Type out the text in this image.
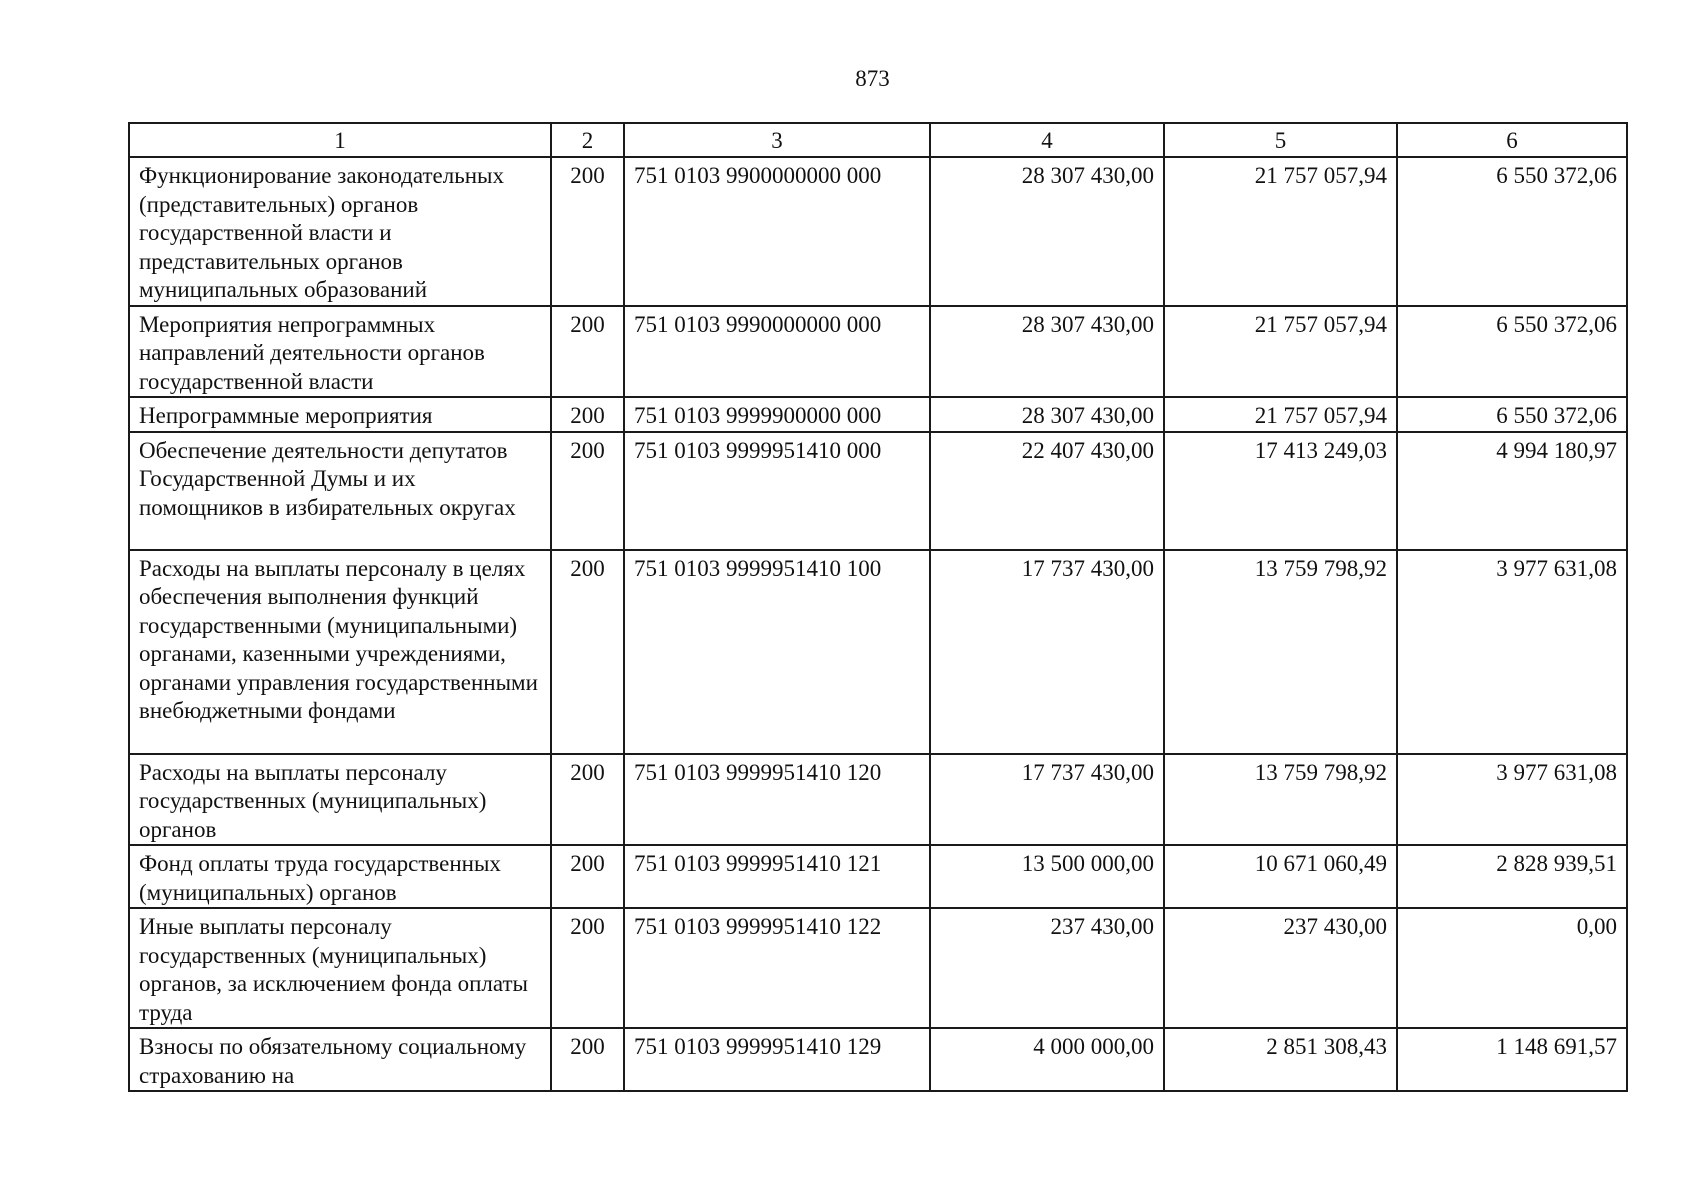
873
1	2	3	4	5	6
Функционирование законодательных (представительных) органов государственной власти и представительных органов муниципальных образований	200	751 0103 9900000000 000	28 307 430,00	21 757 057,94	6 550 372,06
Мероприятия непрограммных направлений деятельности органов государственной власти	200	751 0103 9990000000 000	28 307 430,00	21 757 057,94	6 550 372,06
Непрограммные мероприятия	200	751 0103 9999900000 000	28 307 430,00	21 757 057,94	6 550 372,06
Обеспечение деятельности депутатов Государственной Думы и их помощников в избирательных округах	200	751 0103 9999951410 000	22 407 430,00	17 413 249,03	4 994 180,97
Расходы на выплаты персоналу в целях обеспечения выполнения функций государственными (муниципальными) органами, казенными учреждениями, органами управления государственными внебюджетными фондами	200	751 0103 9999951410 100	17 737 430,00	13 759 798,92	3 977 631,08
Расходы на выплаты персоналу государственных (муниципальных) органов	200	751 0103 9999951410 120	17 737 430,00	13 759 798,92	3 977 631,08
Фонд оплаты труда государственных (муниципальных) органов	200	751 0103 9999951410 121	13 500 000,00	10 671 060,49	2 828 939,51
Иные выплаты персоналу государственных (муниципальных) органов, за исключением фонда оплаты труда	200	751 0103 9999951410 122	237 430,00	237 430,00	0,00
Взносы по обязательному социальному страхованию на	200	751 0103 9999951410 129	4 000 000,00	2 851 308,43	1 148 691,57
